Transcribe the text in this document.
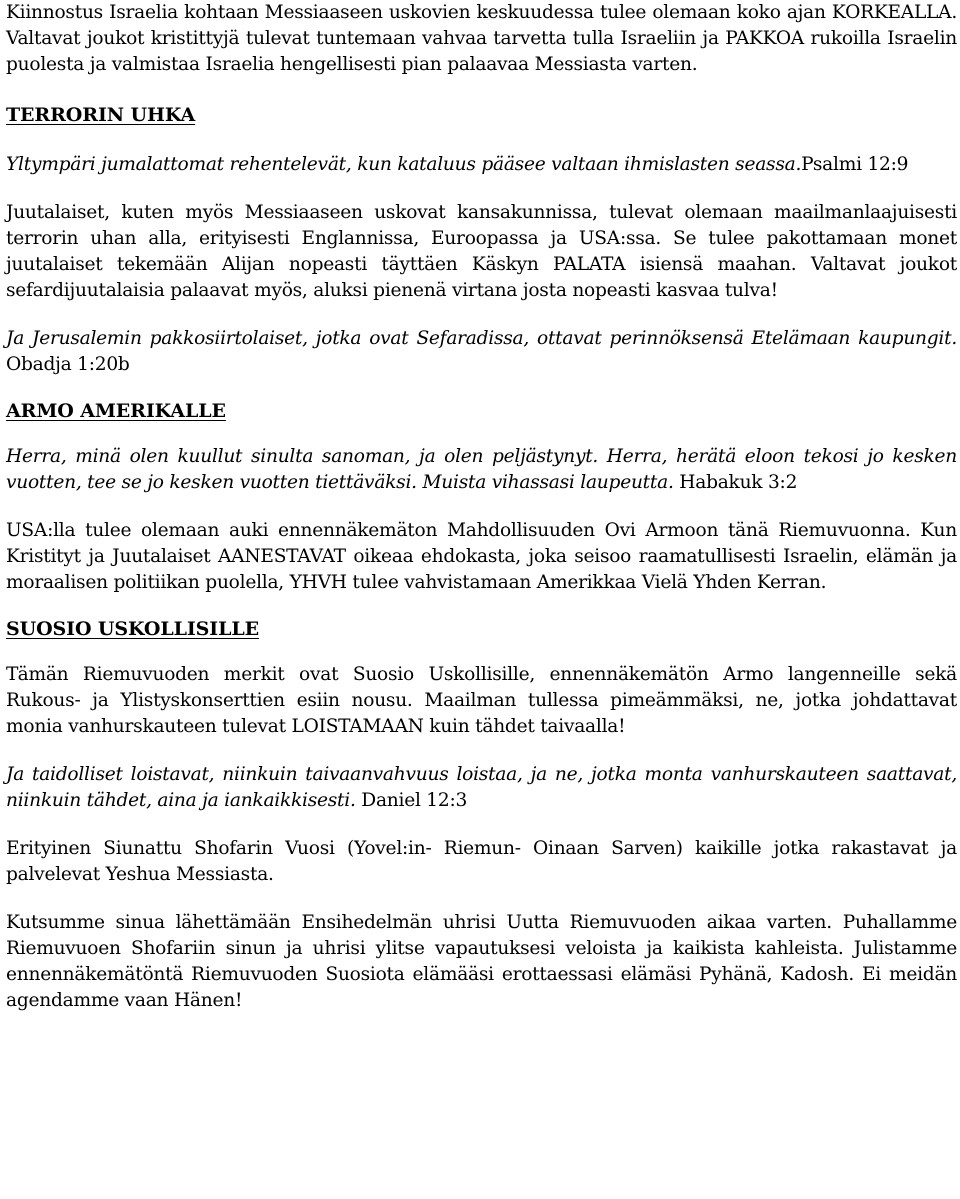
Kiinnostus Israelia kohtaan Messiaaseen uskovien keskuudessa tulee olemaan koko ajan KORKEALLA. Valtavat joukot kristittyjä tulevat tuntemaan vahvaa tarvetta tulla Israeliin ja PAKKOA rukoilla Israelin puolesta ja valmistaa Israelia hengellisesti pian palaavaa Messiasta varten.

TERRORIN UHKA

Yltympäri jumalattomat rehentelevät, kun kataluus pääsee valtaan ihmislasten seassa.Psalmi 12:9

Juutalaiset, kuten myös Messiaaseen uskovat kansakunnissa, tulevat olemaan maailmanlaajuisesti terrorin uhan alla, erityisesti Englannissa, Euroopassa ja USA:ssa. Se tulee pakottamaan monet juutalaiset tekemään Alijan nopeasti täyttäen Käskyn PALATA isiensä maahan. Valtavat joukot sefardijuutalaisia palaavat myös, aluksi pienenä virtana josta nopeasti kasvaa tulva!

Ja Jerusalemin pakkosiirtolaiset, jotka ovat Sefaradissa, ottavat perinnöksensä Etelämaan kaupungit. Obadja 1:20b

ARMO AMERIKALLE

Herra, minä olen kuullut sinulta sanoman, ja olen peljästynyt. Herra, herätä eloon tekosi jo kesken vuotten, tee se jo kesken vuotten tiettäväksi. Muista vihassasi laupeutta. Habakuk 3:2

USA:lla tulee olemaan auki ennennäkemäton Mahdollisuuden Ovi Armoon tänä Riemuvuonna. Kun Kristityt ja Juutalaiset AANESTAVAT oikeaa ehdokasta, joka seisoo raamatullisesti Israelin, elämän ja moraalisen politiikan puolella, YHVH tulee vahvistamaan Amerikkaa Vielä Yhden Kerran.

SUOSIO USKOLLISILLE

Tämän Riemuvuoden merkit ovat Suosio Uskollisille, ennennäkemätön Armo langenneille sekä Rukous- ja Ylistyskonserttien esiin nousu. Maailman tullessa pimeämmäksi, ne, jotka johdattavat monia vanhurskauteen tulevat LOISTAMAAN kuin tähdet taivaalla!

Ja taidolliset loistavat, niinkuin taivaanvahvuus loistaa, ja ne, jotka monta vanhurskauteen saattavat, niinkuin tähdet, aina ja iankaikkisesti. Daniel 12:3

Erityinen Siunattu Shofarin Vuosi (Yovel:in- Riemun- Oinaan Sarven) kaikille jotka rakastavat ja palvelevat Yeshua Messiasta.

Kutsumme sinua lähettämään Ensihedelmän uhrisi Uutta Riemuvuoden aikaa varten. Puhallamme Riemuvuoen Shofariin sinun ja uhrisi ylitse vapautuksesi veloista ja kaikista kahleista. Julistamme ennennäkemätöntä Riemuvuoden Suosiota elämääsi erottaessasi elämäsi Pyhänä, Kadosh. Ei meidän agendamme vaan Hänen!
